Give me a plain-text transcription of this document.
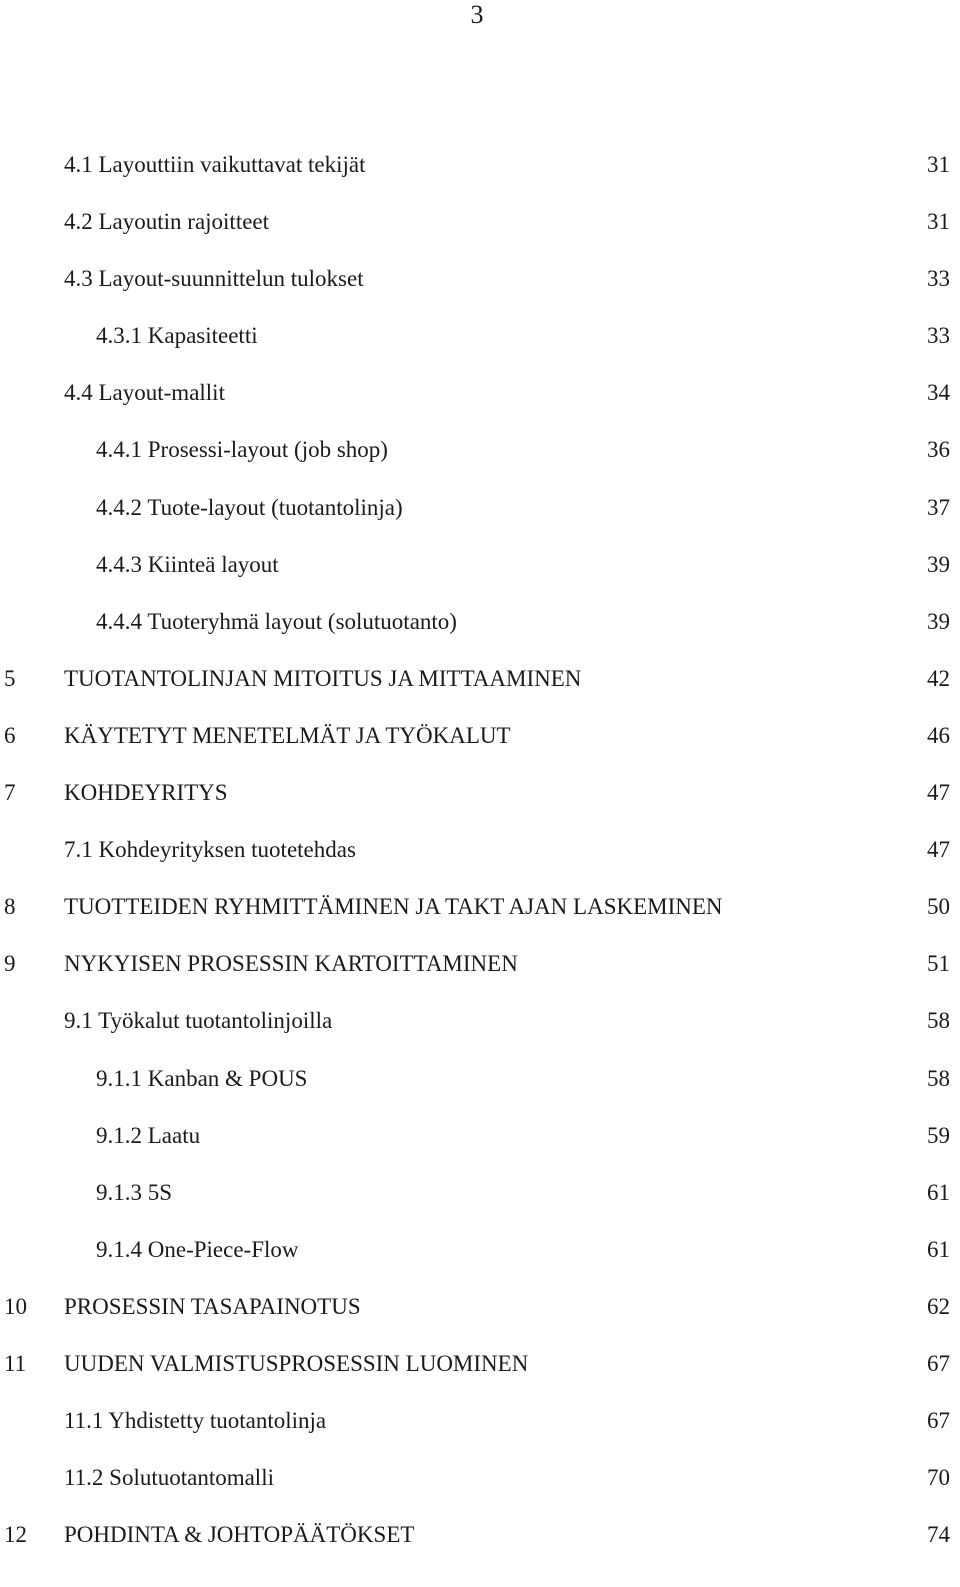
3
4.1 Layouttiin vaikuttavat tekijät	31
4.2 Layoutin rajoitteet	31
4.3 Layout-suunnittelun tulokset	33
4.3.1 Kapasiteetti	33
4.4 Layout-mallit	34
4.4.1 Prosessi-layout (job shop)	36
4.4.2 Tuote-layout (tuotantolinja)	37
4.4.3 Kiinteä layout	39
4.4.4 Tuoteryhmä layout (solutuotanto)	39
5 TUOTANTOLINJAN MITOITUS JA MITTAAMINEN	42
6 KÄYTETYT MENETELMÄT JA TYÖKALUT	46
7 KOHDEYRITYS	47
7.1 Kohdeyrityksen tuotetehdas	47
8 TUOTTEIDEN RYHMITTÄMINEN JA TAKT AJAN LASKEMINEN	50
9 NYKYISEN PROSESSIN KARTOITTAMINEN	51
9.1 Työkalut tuotantolinjoilla	58
9.1.1 Kanban & POUS	58
9.1.2 Laatu	59
9.1.3 5S	61
9.1.4 One-Piece-Flow	61
10 PROSESSIN TASAPAINOTUS	62
11 UUDEN VALMISTUSPROSESSIN LUOMINEN	67
11.1 Yhdistetty tuotantolinja	67
11.2 Solutuotantomalli	70
12 POHDINTA & JOHTOPÄÄTÖKSET	74
